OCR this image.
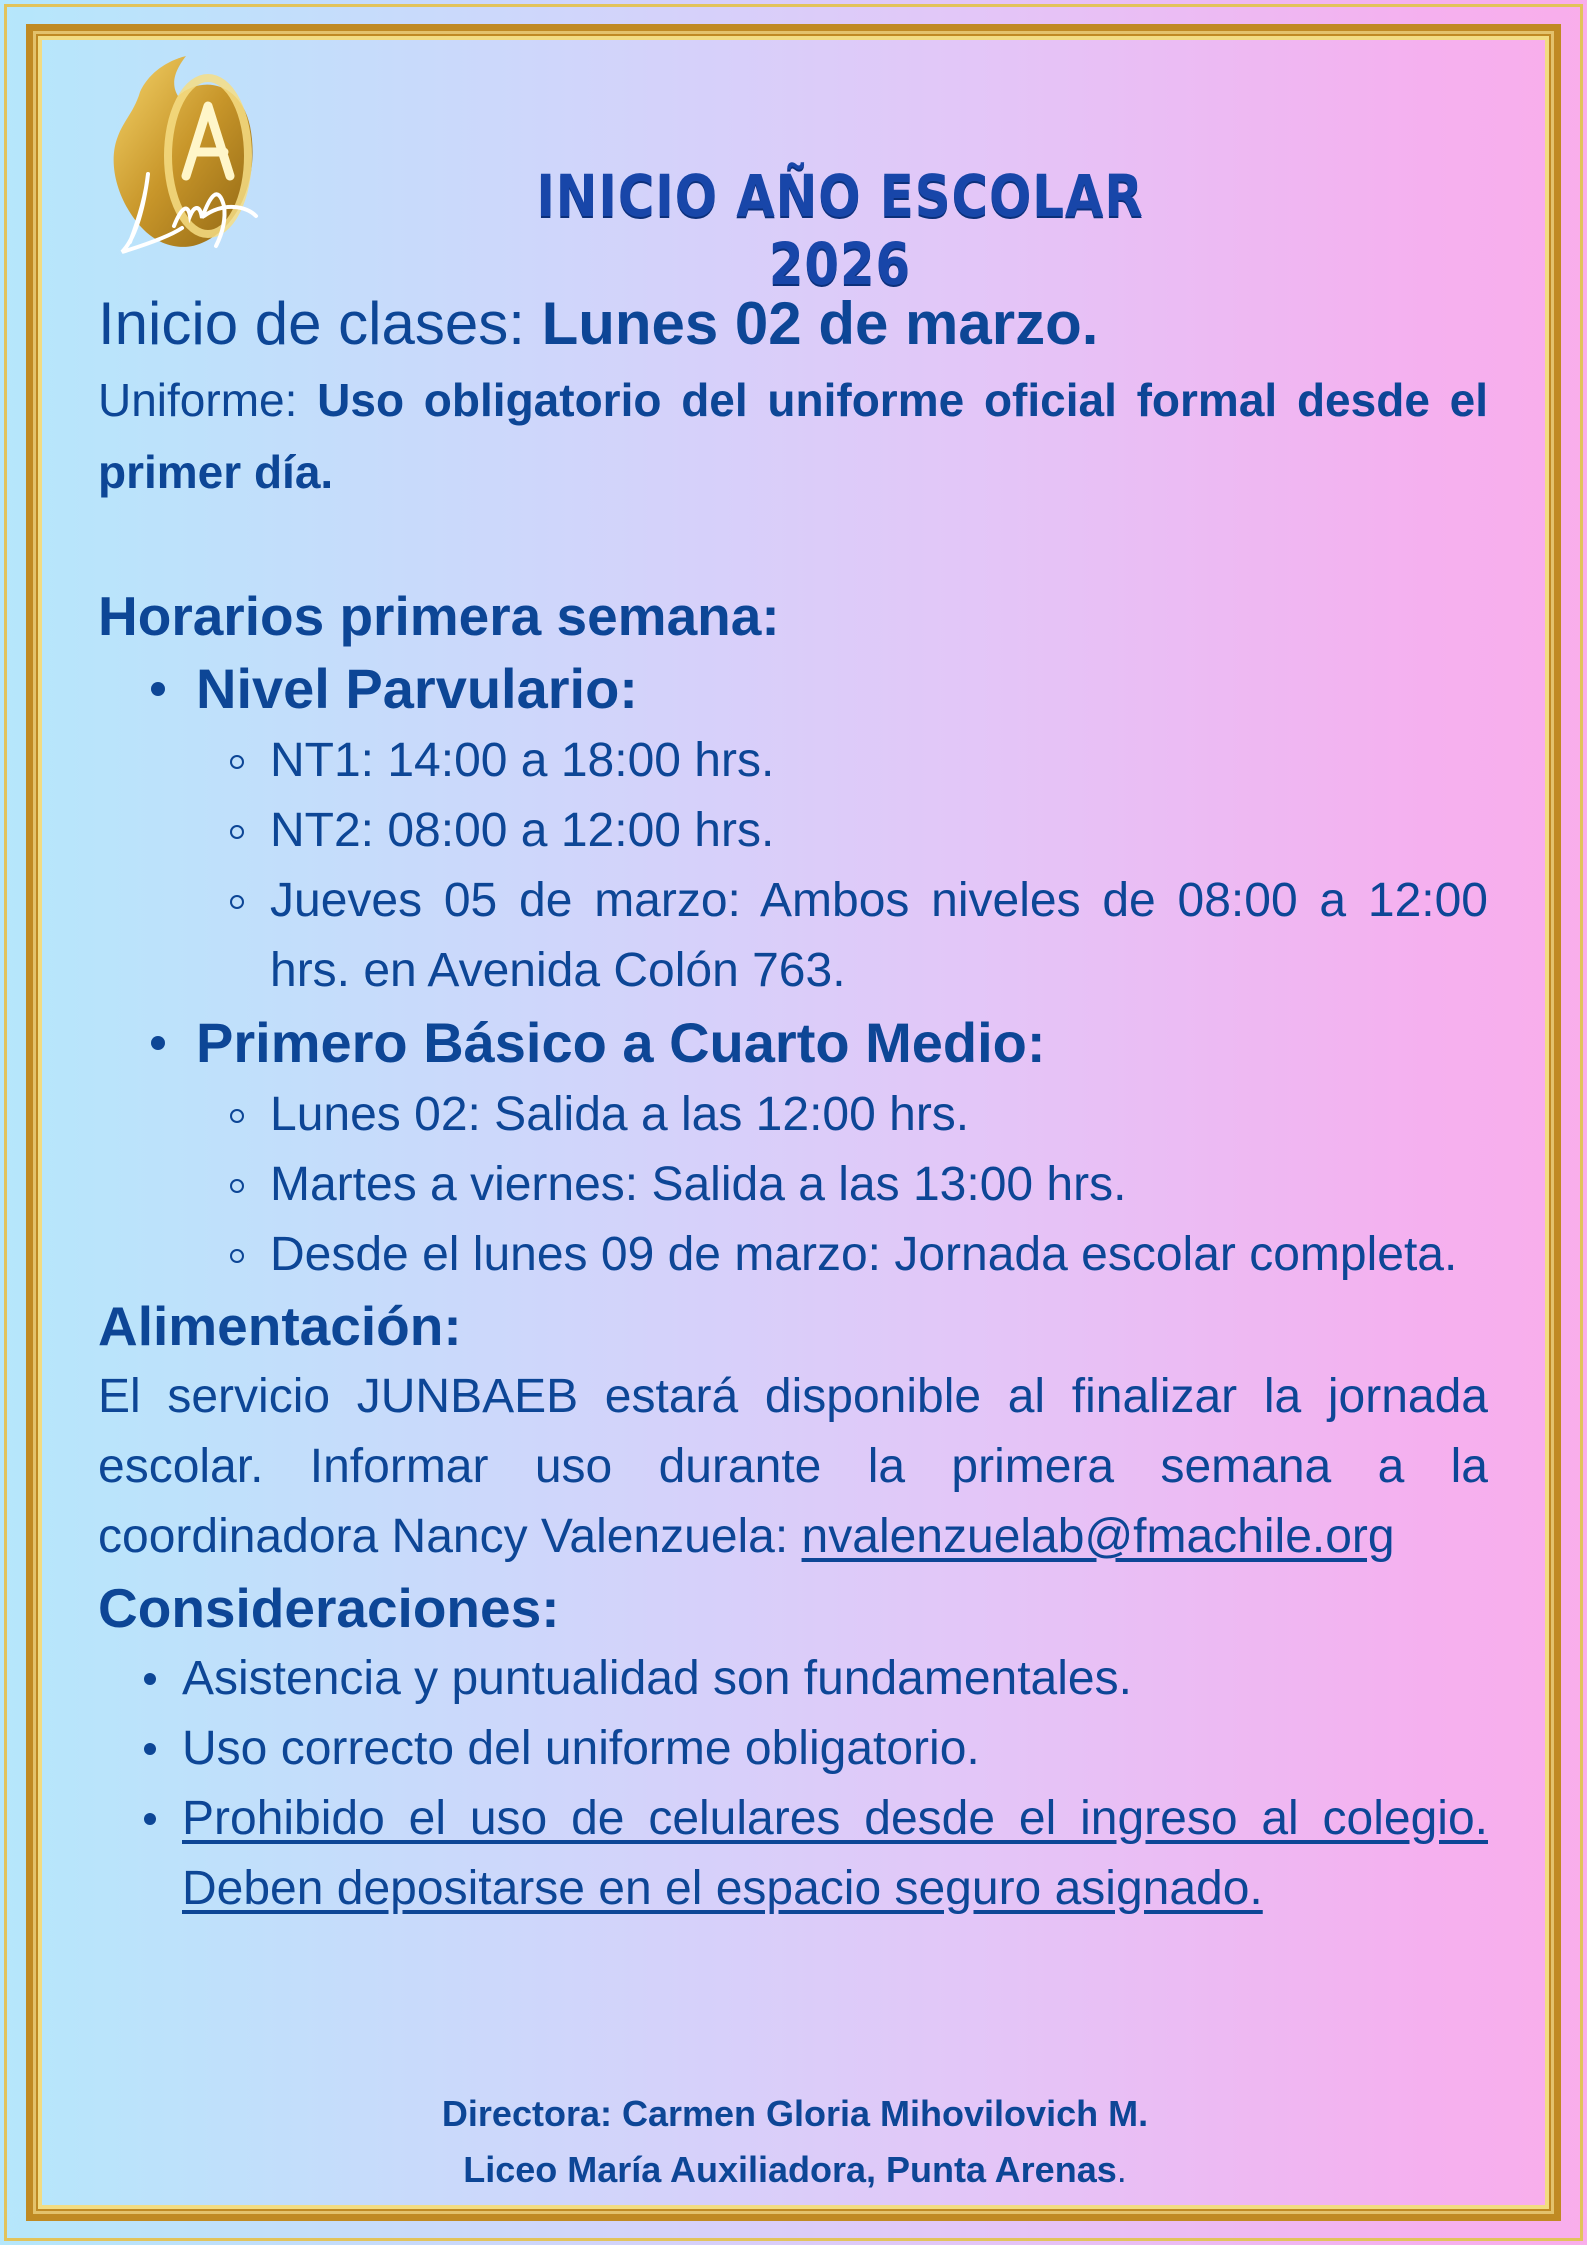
INICIO AÑO ESCOLAR 2026

Inicio de clases: Lunes 02 de marzo.

Uniforme: Uso obligatorio del uniforme oficial formal desde el primer día.

Horarios primera semana:
Nivel Parvulario:
NT1: 14:00 a 18:00 hrs.
NT2: 08:00 a 12:00 hrs.
Jueves 05 de marzo: Ambos niveles de 08:00 a 12:00 hrs. en Avenida Colón 763.
Primero Básico a Cuarto Medio:
Lunes 02: Salida a las 12:00 hrs.
Martes a viernes: Salida a las 13:00 hrs.
Desde el lunes 09 de marzo: Jornada escolar completa.
Alimentación:

El servicio JUNBAEB estará disponible al finalizar la jornada escolar. Informar uso durante la primera semana a la coordinadora Nancy Valenzuela: nvalenzuelab@fmachile.org

Consideraciones:
Asistencia y puntualidad son fundamentales.
Uso correcto del uniforme obligatorio.
Prohibido el uso de celulares desde el ingreso al colegio. Deben depositarse en el espacio seguro asignado.

Directora: Carmen Gloria Mihovilovich M.

Liceo María Auxiliadora, Punta Arenas.
